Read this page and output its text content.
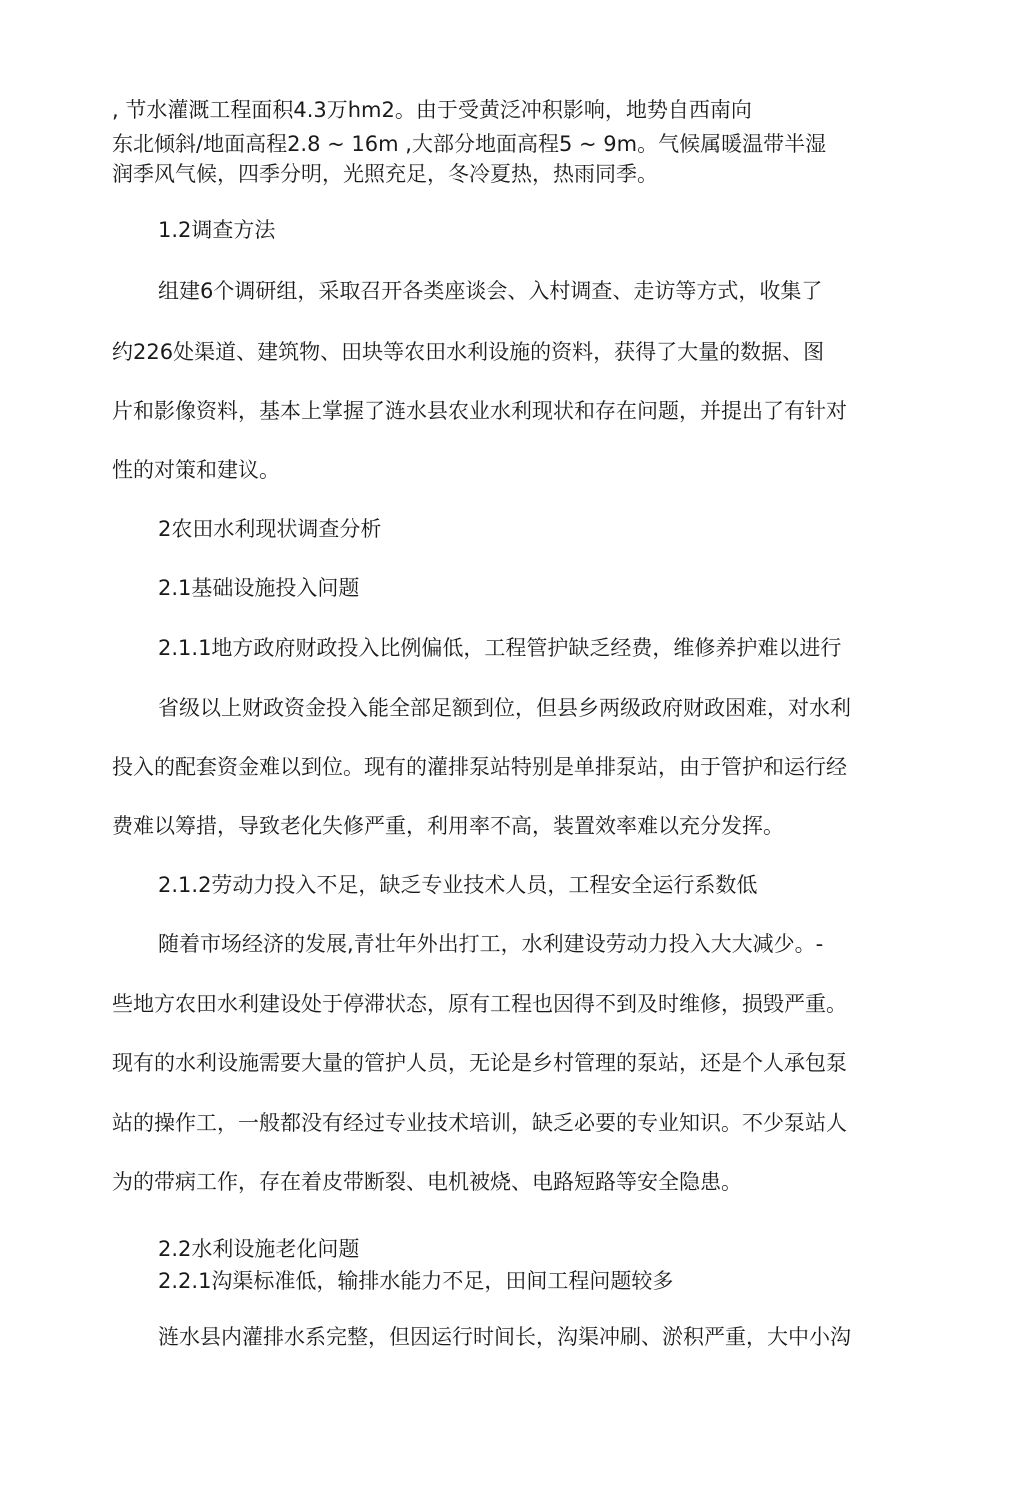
, 节水灌溉工程面积4.3万hm2。由于受黄泛冲积影响，地势自西南向
东北倾斜/地面高程2.8 ~ 16m ,大部分地面高程5 ~ 9m。气候属暖温带半湿
润季风气候，四季分明，光照充足，冬冷夏热，热雨同季。
1.2调查方法
组建6个调研组，采取召开各类座谈会、入村调查、走访等方式，收集了
约226处渠道、建筑物、田块等农田水利设施的资料，获得了大量的数据、图
片和影像资料，基本上掌握了涟水县农业水利现状和存在问题，并提出了有针对
性的对策和建议。
2农田水利现状调查分析
2.1基础设施投入问题
2.1.1地方政府财政投入比例偏低，工程管护缺乏经费，维修养护难以进行
省级以上财政资金投入能全部足额到位，但县乡两级政府财政困难，对水利
投入的配套资金难以到位。现有的灌排泵站特别是单排泵站，由于管护和运行经
费难以筹措，导致老化失修严重，利用率不高，装置效率难以充分发挥。
2.1.2劳动力投入不足，缺乏专业技术人员，工程安全运行系数低
随着市场经济的发展,青壮年外出打工，水利建设劳动力投入大大减少。-
些地方农田水利建设处于停滞状态，原有工程也因得不到及时维修，损毁严重。
现有的水利设施需要大量的管护人员，无论是乡村管理的泵站，还是个人承包泵
站的操作工，一般都没有经过专业技术培训，缺乏必要的专业知识。不少泵站人
为的带病工作，存在着皮带断裂、电机被烧、电路短路等安全隐患。
2.2水利设施老化问题
2.2.1沟渠标准低，输排水能力不足，田间工程问题较多
涟水县内灌排水系完整，但因运行时间长，沟渠冲刷、淤积严重，大中小沟
